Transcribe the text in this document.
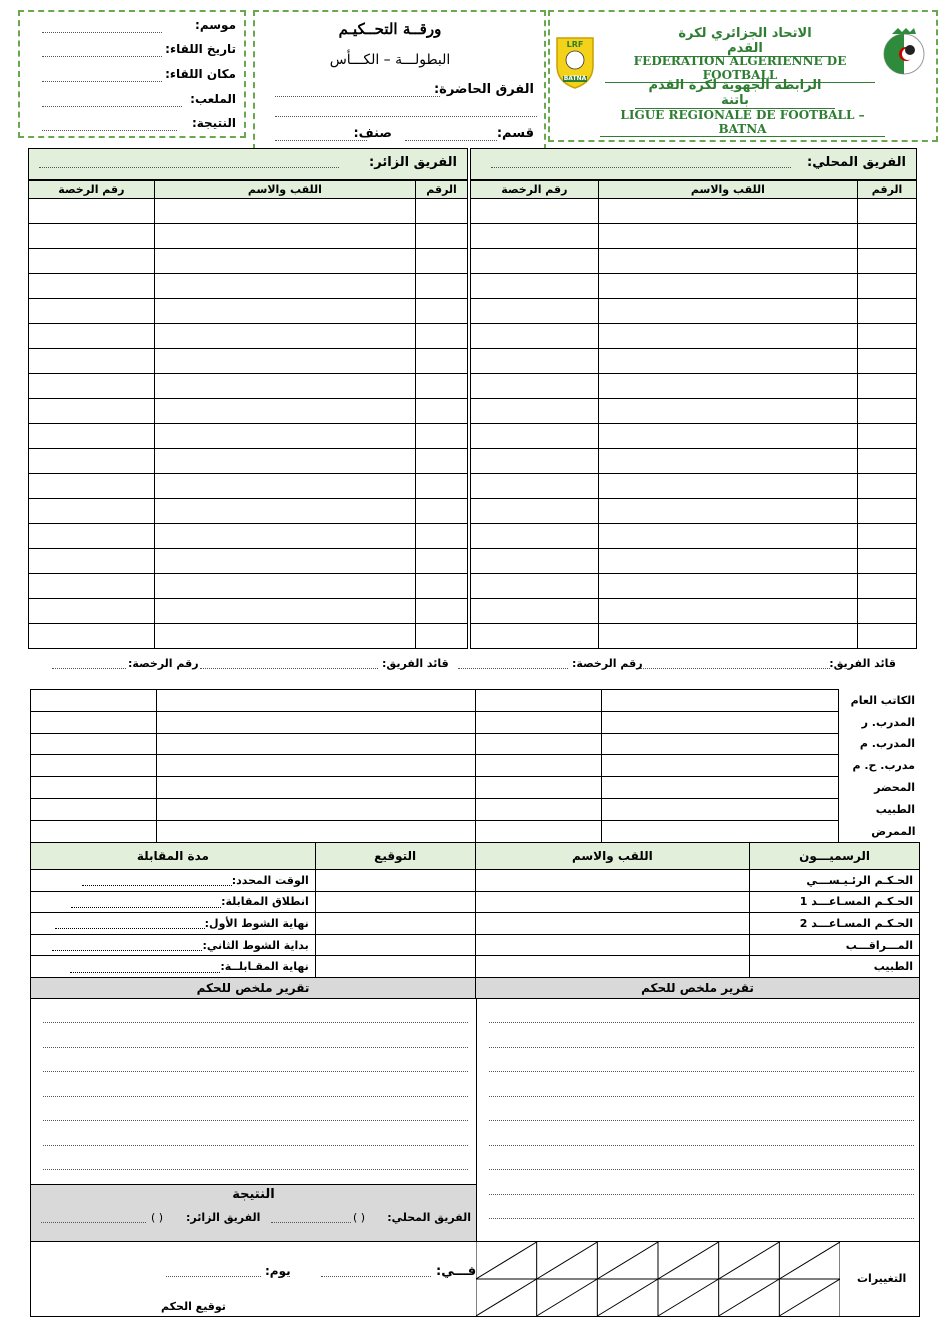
الاتحاد الجزائري لكرة القدم
FEDERATION ALGERIENNE DE FOOTBALL
الرابطة الجهوية لكرة القدم باتنة
LIGUE REGIONALE DE FOOTBALL – BATNA
LRF
BATNA
ورقــة التحــكيـم
البطولـــة – الكـــأس
الفرق الحاضرة:
قسم:
صنف:
موسم:
تاريخ اللقاء:
مكان اللقاء:
الملعب:
النتيجة:
الفريق المحلي:
رقم الرخصة	اللقب والاسم	الرقم

الفريق الزائر:
رقم الرخصة	اللقب والاسم	الرقم

قائد الفريق:
رقم الرخصة:
قائد الفريق:
رقم الرخصة:
				الكاتب العام
				المدرب. ر
				المدرب. م
				مدرب. ح. م
				المحضر
				الطبيب
				الممرض
مدة المقابلة	التوقيع	اللقب والاسم	الرسميـــون

الوقت المحدد:			الحـكـم الرئـيـســـي
انطلاق المقابلة:			الحـكـم المسـاعـــد 1
نهاية الشوط الأول:			الحـكـم المسـاعـــد 2
بداية الشوط الثاني:			المـــراقـــب
نهاية المقـابلــة:			الطبيب
تقرير ملخص للحكم	تقرير ملخص للحكم
النتيجة
الفريق المحلي:
( )
الفريق الزائر:
( )
التغييرات
فـــي:
يوم:
توقيع الحكم
